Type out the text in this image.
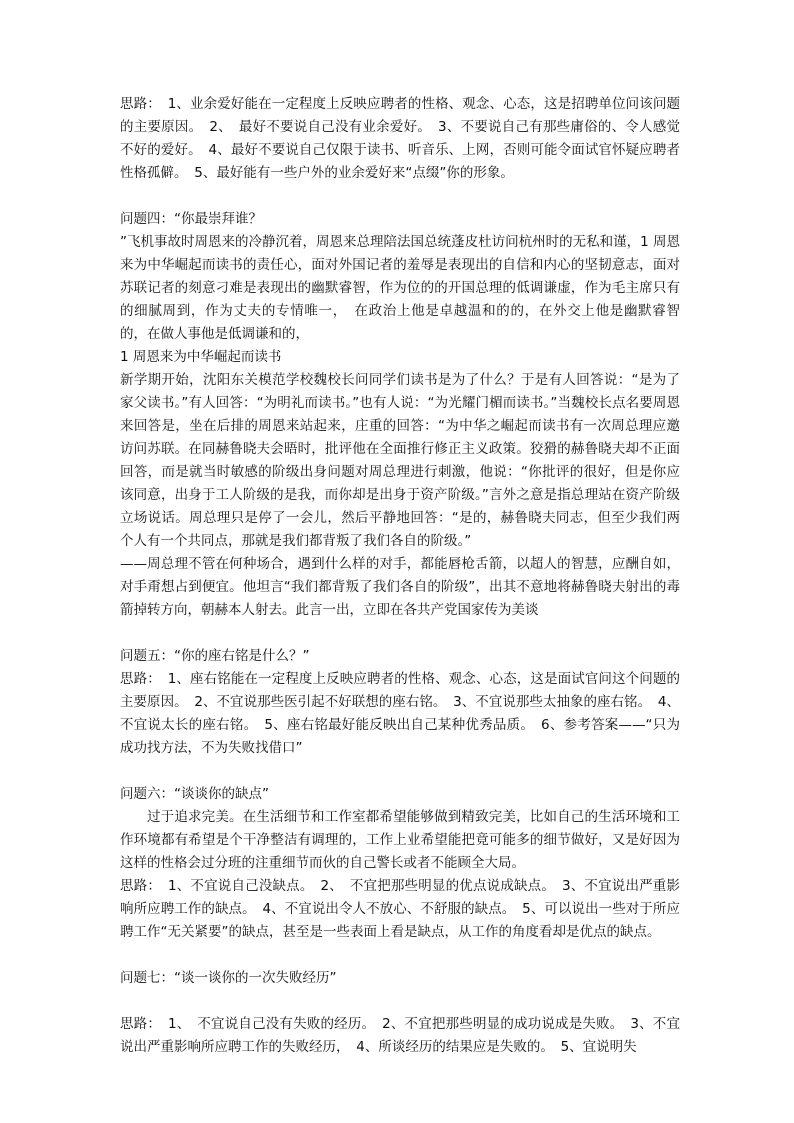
思路：　1、业余爱好能在一定程度上反映应聘者的性格、观念、心态，这是招聘单位问该问题的主要原因。　2、　最好不要说自己没有业余爱好。　3、不要说自己有那些庸俗的、令人感觉不好的爱好。　4、最好不要说自己仅限于读书、听音乐、上网，否则可能令面试官怀疑应聘者性格孤僻。　5、最好能有一些户外的业余爱好来“点缀”你的形象。

问题四：“你最崇拜谁？

”飞机事故时周恩来的冷静沉着，周恩来总理陪法国总统蓬皮杜访问杭州时的无私和谨，1 周恩来为中华崛起而读书的责任心，面对外国记者的羞辱是表现出的自信和内心的坚韧意志，面对苏联记者的刻意刁难是表现出的幽默睿智，作为位的的开国总理的低调谦虚，作为毛主席只有的细腻周到，作为丈夫的专情唯一，　在政治上他是卓越温和的的，在外交上他是幽默睿智的，在做人事他是低调谦和的，

1 周恩来为中华崛起而读书

新学期开始，沈阳东关模范学校魏校长问同学们读书是为了什么？于是有人回答说：“是为了家父读书。”有人回答：“为明礼而读书。”也有人说：“为光耀门楣而读书。”当魏校长点名要周恩来回答是，坐在后排的周恩来站起来，庄重的回答：“为中华之崛起而读书有一次周总理应邀访问苏联。在同赫鲁晓夫会晤时，批评他在全面推行修正主义政策。狡猾的赫鲁晓夫却不正面回答，而是就当时敏感的阶级出身问题对周总理进行刺激，他说：“你批评的很好，但是你应该同意，出身于工人阶级的是我，而你却是出身于资产阶级。”言外之意是指总理站在资产阶级立场说话。周总理只是停了一会儿，然后平静地回答：“是的，赫鲁晓夫同志，但至少我们两个人有一个共同点，那就是我们都背叛了我们各自的阶级。”

——周总理不管在何种场合，遇到什么样的对手，都能唇枪舌箭，以超人的智慧，应酬自如，对手甭想占到便宜。他坦言“我们都背叛了我们各自的阶级”，出其不意地将赫鲁晓夫射出的毒箭掉转方向，朝赫本人射去。此言一出，立即在各共产党国家传为美谈

问题五：“你的座右铭是什么？”

思路：　1、座右铭能在一定程度上反映应聘者的性格、观念、心态，这是面试官问这个问题的主要原因。　2、不宜说那些医引起不好联想的座右铭。　3、不宜说那些太抽象的座右铭。　4、不宜说太长的座右铭。　5、座右铭最好能反映出自己某种优秀品质。　6、参考答案——“只为成功找方法，不为失败找借口”

问题六：“谈谈你的缺点”

过于追求完美。在生活细节和工作室都希望能够做到精致完美，比如自己的生活环境和工作环境都有希望是个干净整洁有调理的，工作上业希望能把竟可能多的细节做好，又是好因为这样的性格会过分班的注重细节而伙的自己警长或者不能顾全大局。

思路：　1、不宜说自己没缺点。　2、　不宜把那些明显的优点说成缺点。　3、不宜说出严重影响所应聘工作的缺点。　4、不宜说出令人不放心、不舒服的缺点。　5、可以说出一些对于所应聘工作“无关紧要”的缺点，甚至是一些表面上看是缺点，从工作的角度看却是优点的缺点。

问题七：“谈一谈你的一次失败经历”

思路：　1、　不宜说自己没有失败的经历。　2、不宜把那些明显的成功说成是失败。　3、不宜说出严重影响所应聘工作的失败经历，　4、所谈经历的结果应是失败的。　5、宜说明失
